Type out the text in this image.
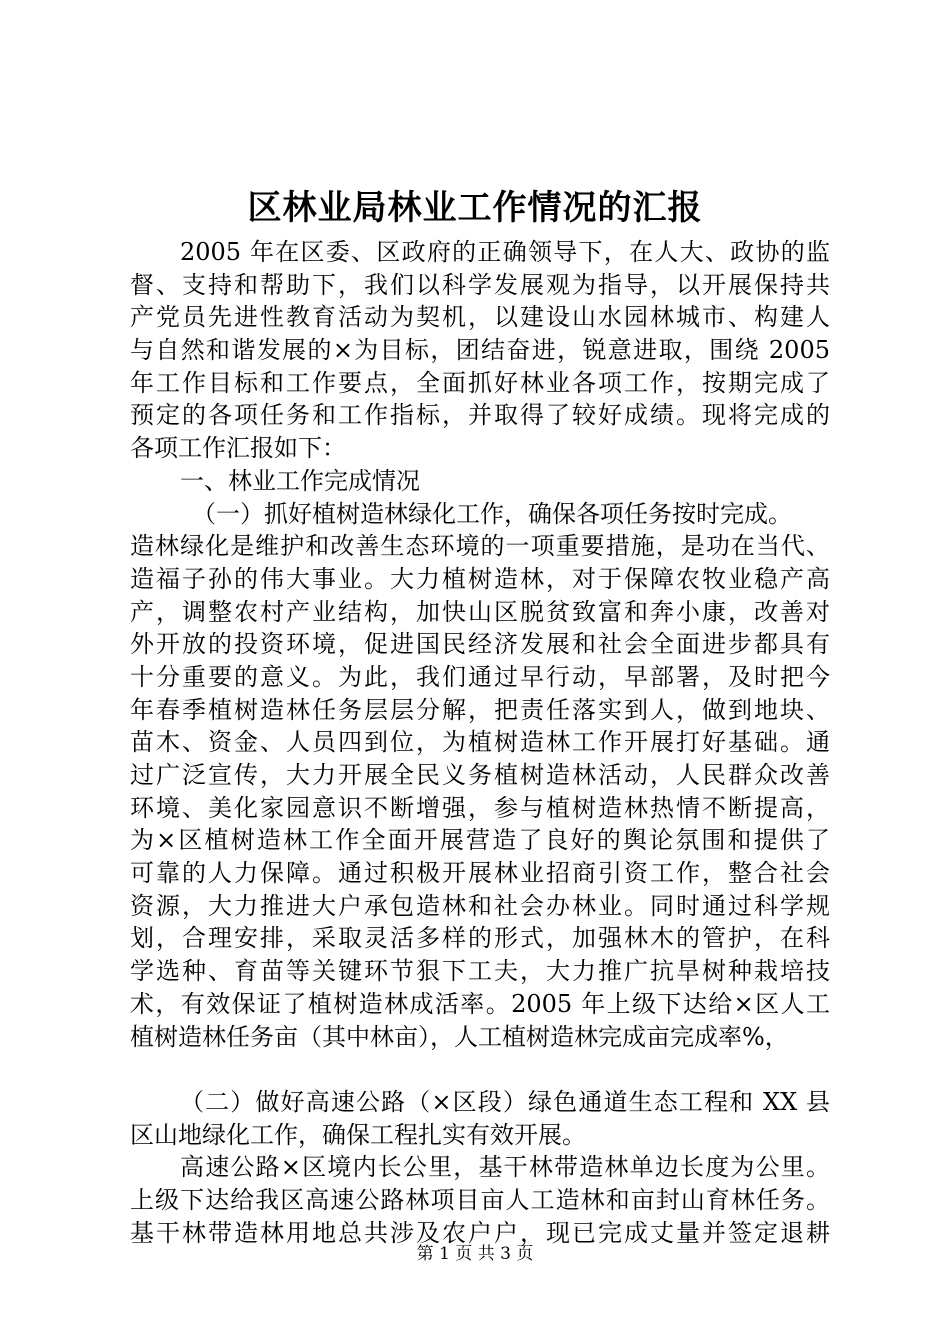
区林业局林业工作情况的汇报
2005 年在区委、区政府的正确领导下，在人大、政协的监
督、支持和帮助下，我们以科学发展观为指导，以开展保持共
产党员先进性教育活动为契机，以建设山水园林城市、构建人
与自然和谐发展的×为目标，团结奋进，锐意进取，围绕 2005
年工作目标和工作要点，全面抓好林业各项工作，按期完成了
预定的各项任务和工作指标，并取得了较好成绩。现将完成的
各项工作汇报如下：
一、林业工作完成情况
（一）抓好植树造林绿化工作，确保各项任务按时完成。
造林绿化是维护和改善生态环境的一项重要措施，是功在当代、
造福子孙的伟大事业。大力植树造林，对于保障农牧业稳产高
产，调整农村产业结构，加快山区脱贫致富和奔小康，改善对
外开放的投资环境，促进国民经济发展和社会全面进步都具有
十分重要的意义。为此，我们通过早行动，早部署，及时把今
年春季植树造林任务层层分解，把责任落实到人，做到地块、
苗木、资金、人员四到位，为植树造林工作开展打好基础。通
过广泛宣传，大力开展全民义务植树造林活动，人民群众改善
环境、美化家园意识不断增强，参与植树造林热情不断提高，
为×区植树造林工作全面开展营造了良好的舆论氛围和提供了
可靠的人力保障。通过积极开展林业招商引资工作，整合社会
资源，大力推进大户承包造林和社会办林业。同时通过科学规
划，合理安排，采取灵活多样的形式，加强林木的管护，在科
学选种、育苗等关键环节狠下工夫，大力推广抗旱树种栽培技
术，有效保证了植树造林成活率。2005 年上级下达给×区人工
植树造林任务亩（其中林亩），人工植树造林完成亩完成率%，
（二）做好高速公路（×区段）绿色通道生态工程和 XX 县
区山地绿化工作，确保工程扎实有效开展。
高速公路×区境内长公里，基干林带造林单边长度为公里。
上级下达给我区高速公路林项目亩人工造林和亩封山育林任务。
基干林带造林用地总共涉及农户户，现已完成丈量并签定退耕
第 1 页 共 3 页
